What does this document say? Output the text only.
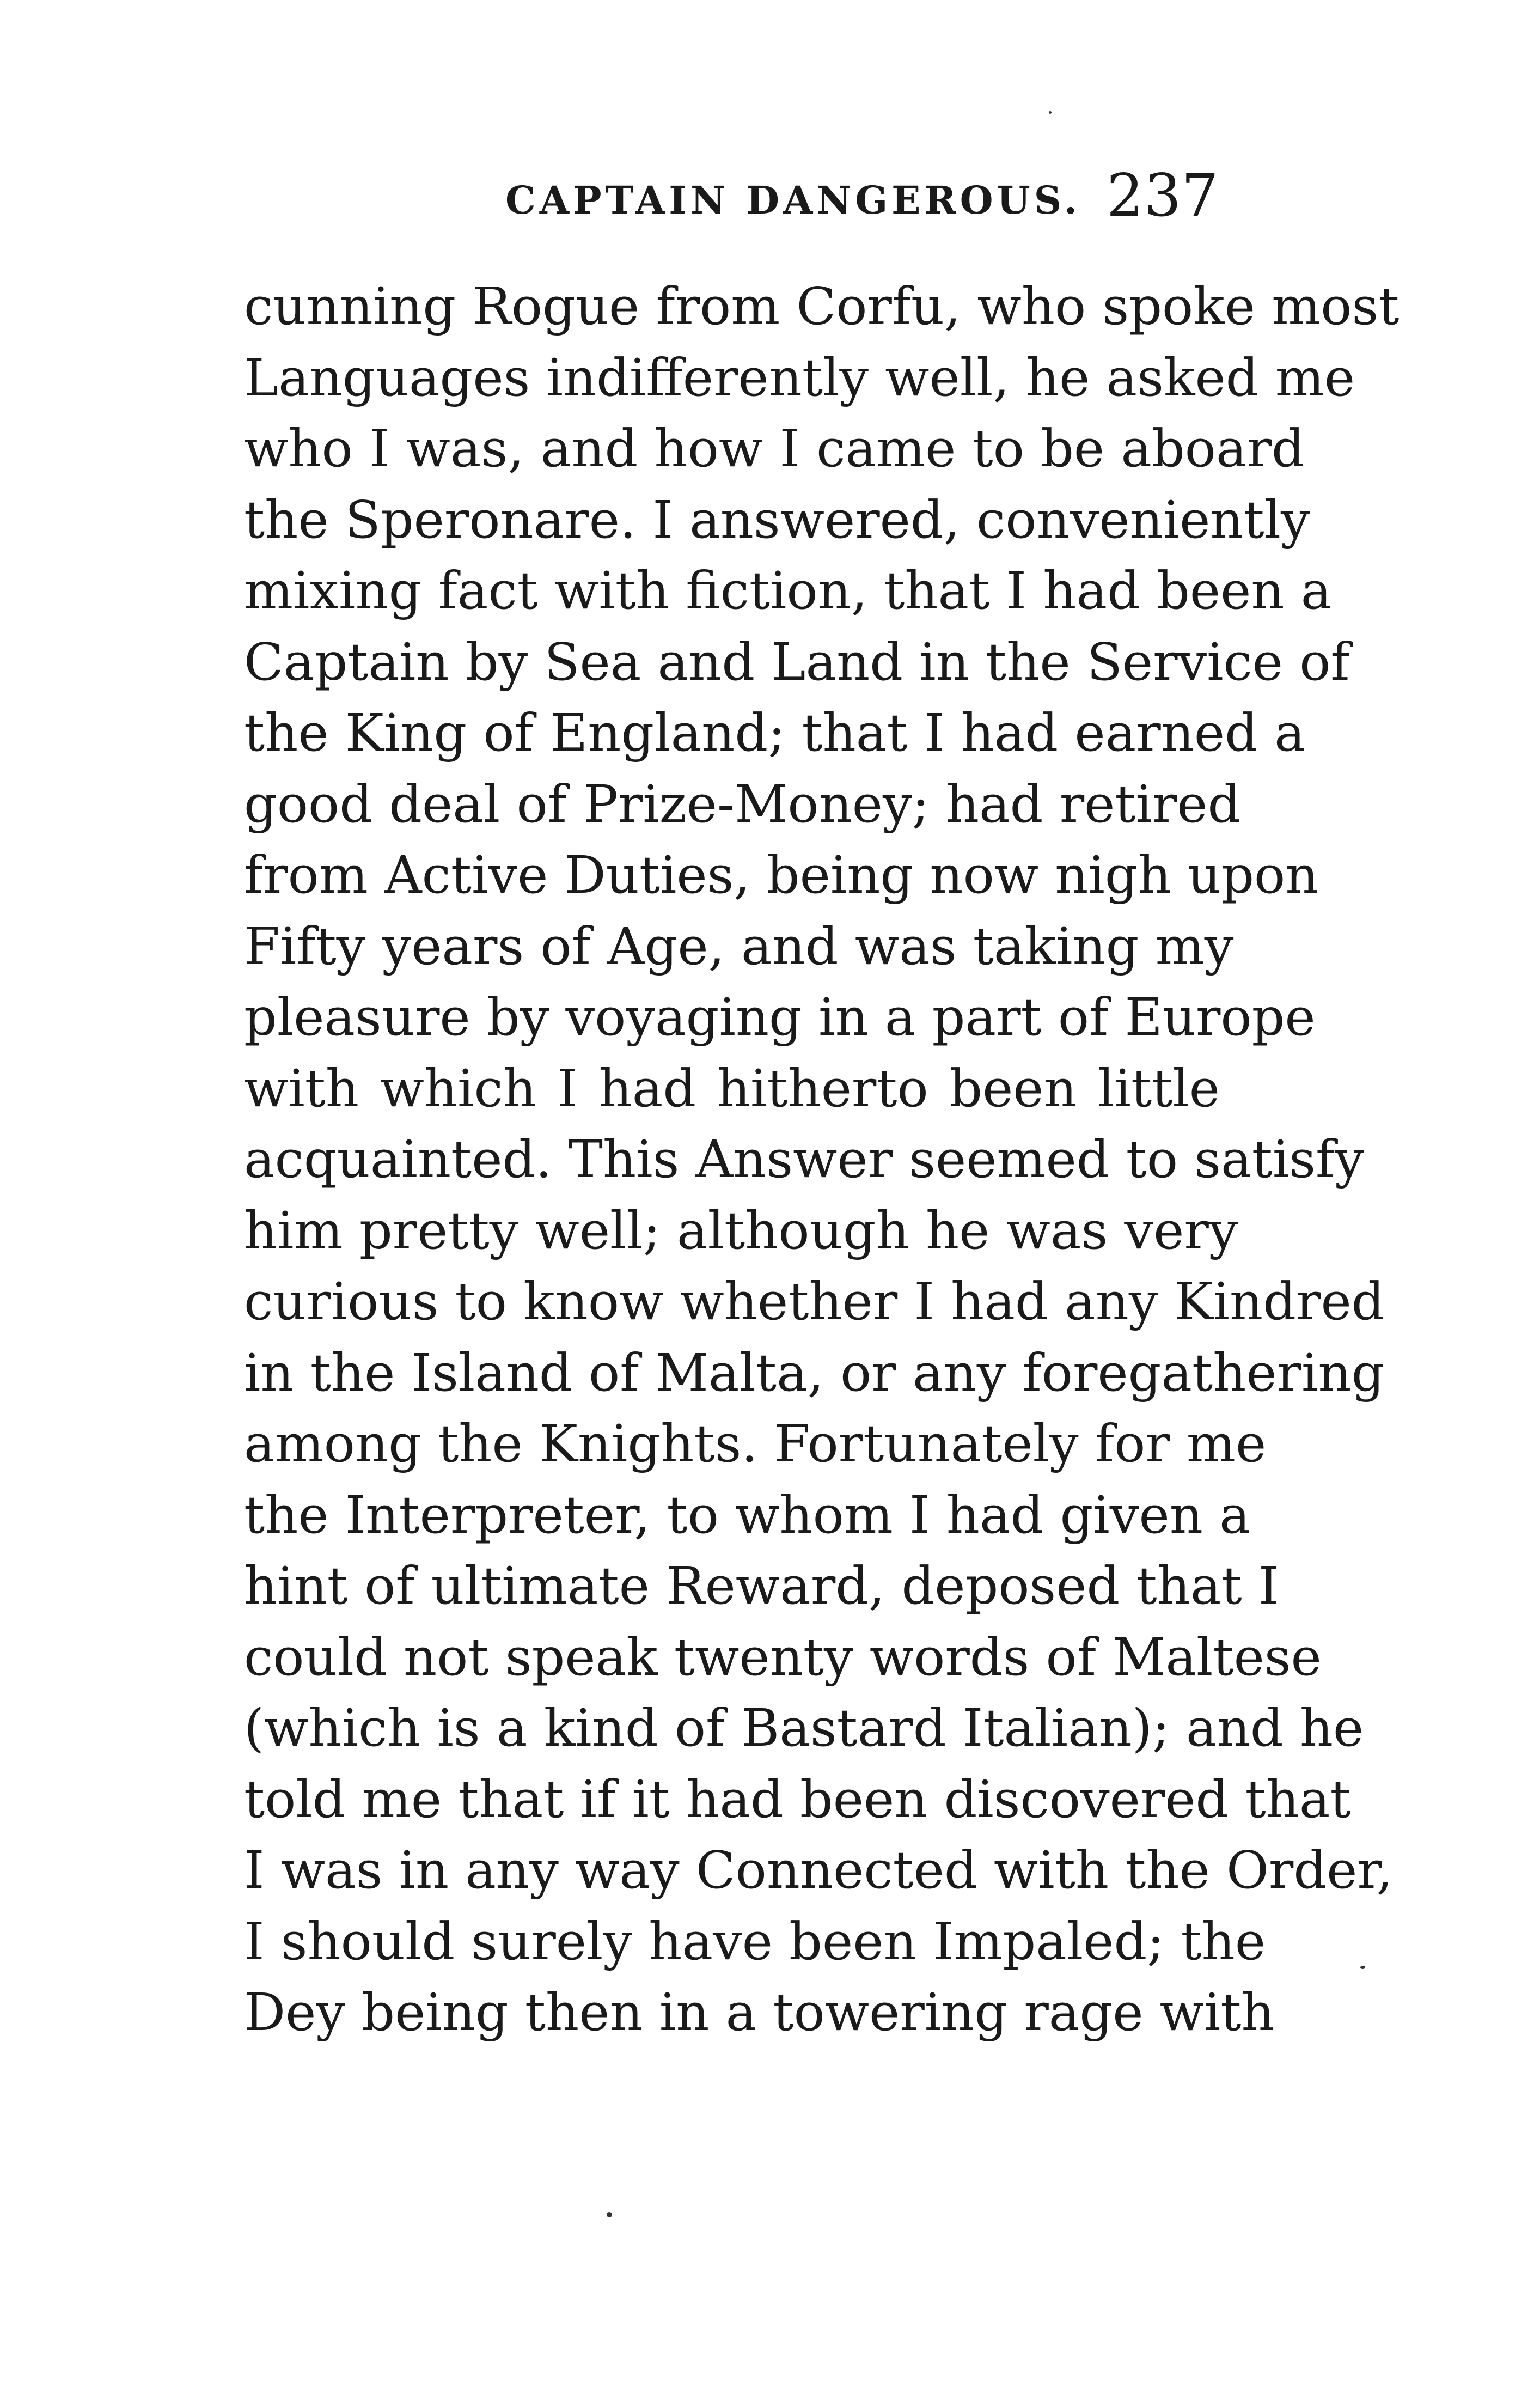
CAPTAIN DANGEROUS. 237
cunning Rogue from Corfu, who spoke most
Languages indifferently well, he asked me
who I was, and how I came to be aboard
the Speronare. I answered, conveniently
mixing fact with fiction, that I had been a
Captain by Sea and Land in the Service of
the King of England; that I had earned a
good deal of Prize-Money; had retired
from Active Duties, being now nigh upon
Fifty years of Age, and was taking my
pleasure by voyaging in a part of Europe
with which I had hitherto been little
acquainted. This Answer seemed to satisfy
him pretty well; although he was very
curious to know whether I had any Kindred
in the Island of Malta, or any foregathering
among the Knights. Fortunately for me
the Interpreter, to whom I had given a
hint of ultimate Reward, deposed that I
could not speak twenty words of Maltese
(which is a kind of Bastard Italian); and he
told me that if it had been discovered that
I was in any way Connected with the Order,
I should surely have been Impaled; the
Dey being then in a towering rage with
